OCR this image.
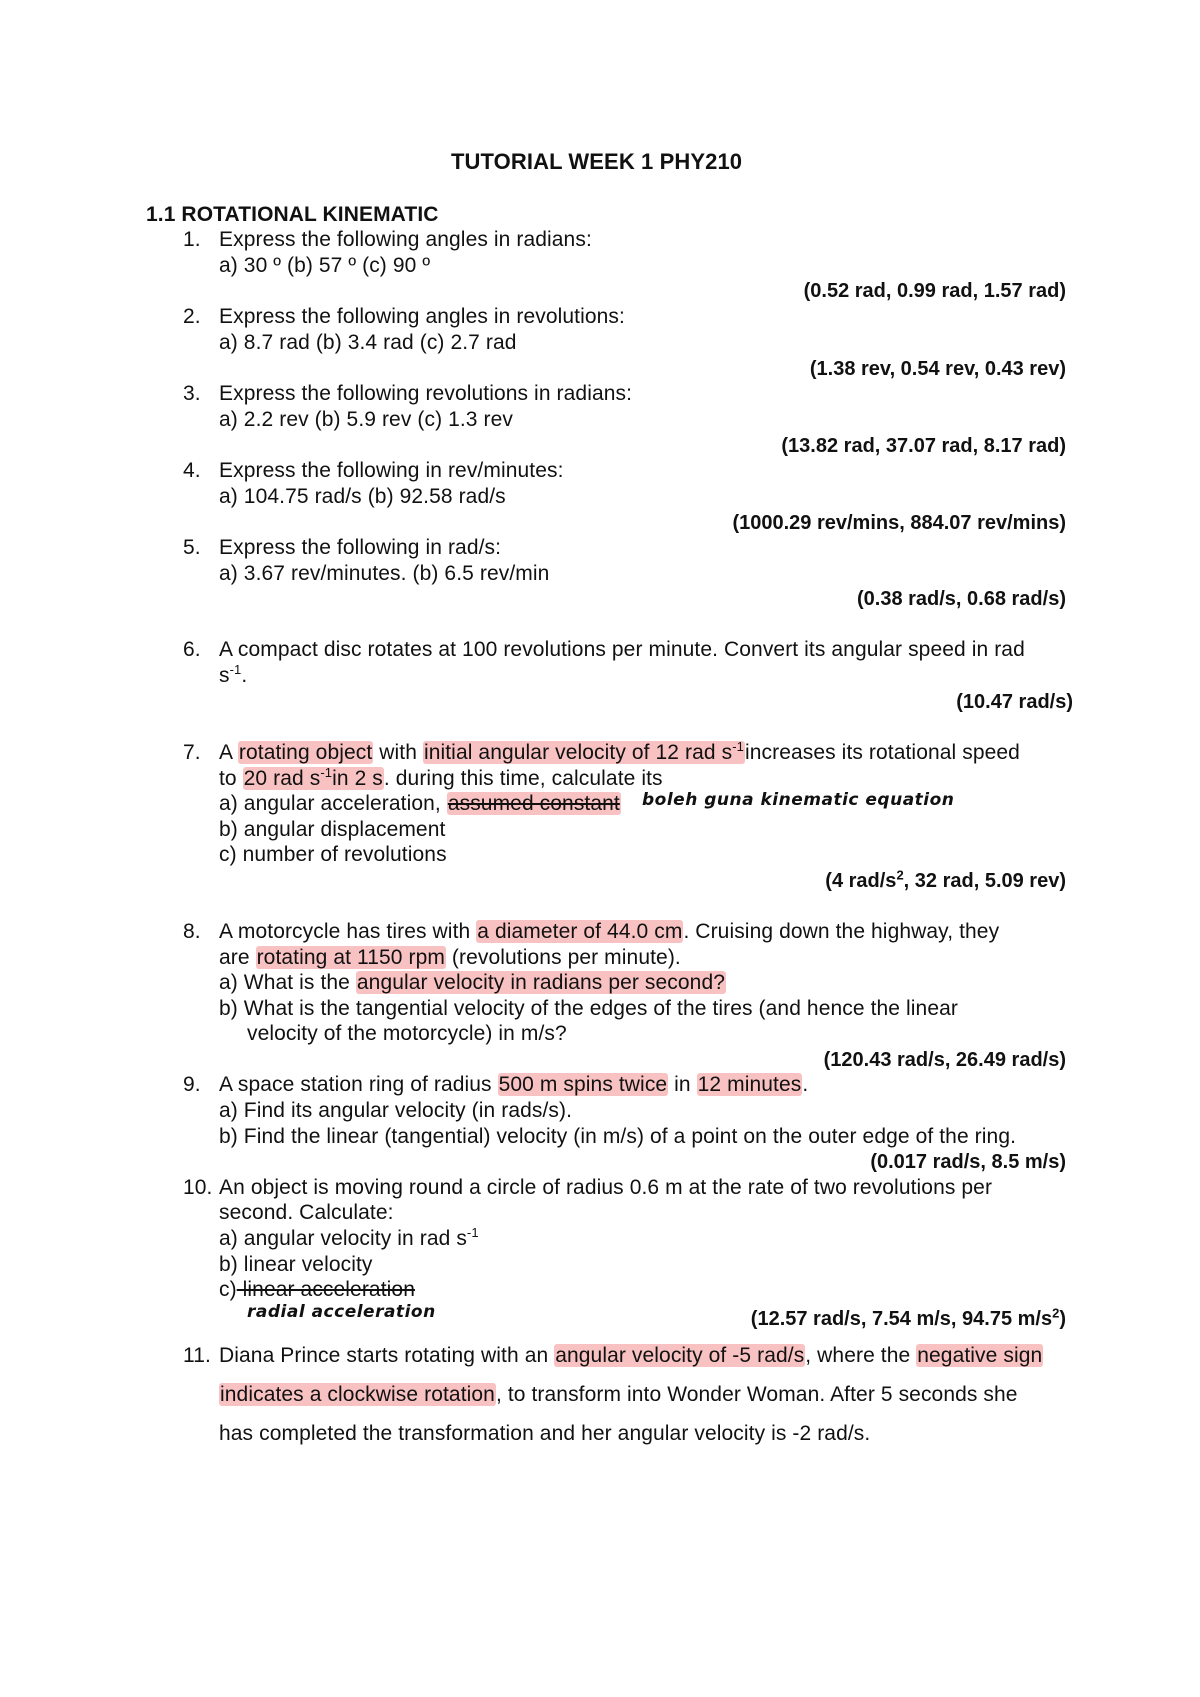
TUTORIAL WEEK 1 PHY210
1.1 ROTATIONAL KINEMATIC
1. Express the following angles in radians:
a) 30 º (b) 57 º (c) 90 º
(0.52 rad, 0.99 rad, 1.57 rad)
2. Express the following angles in revolutions:
a) 8.7 rad (b) 3.4 rad (c) 2.7 rad
(1.38 rev, 0.54 rev, 0.43 rev)
3. Express the following revolutions in radians:
a) 2.2 rev (b) 5.9 rev (c) 1.3 rev
(13.82 rad, 37.07 rad, 8.17 rad)
4. Express the following in rev/minutes:
a) 104.75 rad/s (b) 92.58 rad/s
(1000.29 rev/mins, 884.07 rev/mins)
5. Express the following in rad/s:
a) 3.67 rev/minutes. (b) 6.5 rev/min
(0.38 rad/s, 0.68 rad/s)
6. A compact disc rotates at 100 revolutions per minute. Convert its angular speed in rad
$s^{-1}$.
(10.47 rad/s)
7. A rotating object with initial angular velocity of 12 rad $s^{-1}increases$ its rotational speed
to 20 rad $s^{-1}in$ 2 s. during this time, calculate its
a) angular acceleration, assumed constant boleh guna kinematic equation
b) angular displacement
c) number of revolutions
(4 rad/$s^2$, 32 rad, 5.09 rev)
8. A motorcycle has tires with a diameter of 44.0 cm. Cruising down the highway, they
are rotating at 1150 rpm (revolutions per minute).
a) What is the angular velocity in radians per second?
b) What is the tangential velocity of the edges of the tires (and hence the linear
velocity of the motorcycle) in m/s?
(120.43 rad/s, 26.49 rad/s)
9. A space station ring of radius 500 m spins twice in 12 minutes.
a) Find its angular velocity (in rads/s).
b) Find the linear (tangential) velocity (in m/s) of a point on the outer edge of the ring.
(0.017 rad/s, 8.5 m/s)
10. An object is moving round a circle of radius 0.6 m at the rate of two revolutions per
second. Calculate:
a) angular velocity in rad $s^{-1}$
b) linear velocity
c) linear acceleration
radial acceleration	(12.57 rad/s, 7.54 m/s, 94.75 $m/s^2$)
11. Diana Prince starts rotating with an angular velocity of -5 rad/s, where the negative sign
indicates a clockwise rotation, to transform into Wonder Woman. After 5 seconds she
has completed the transformation and her angular velocity is -2 rad/s.
